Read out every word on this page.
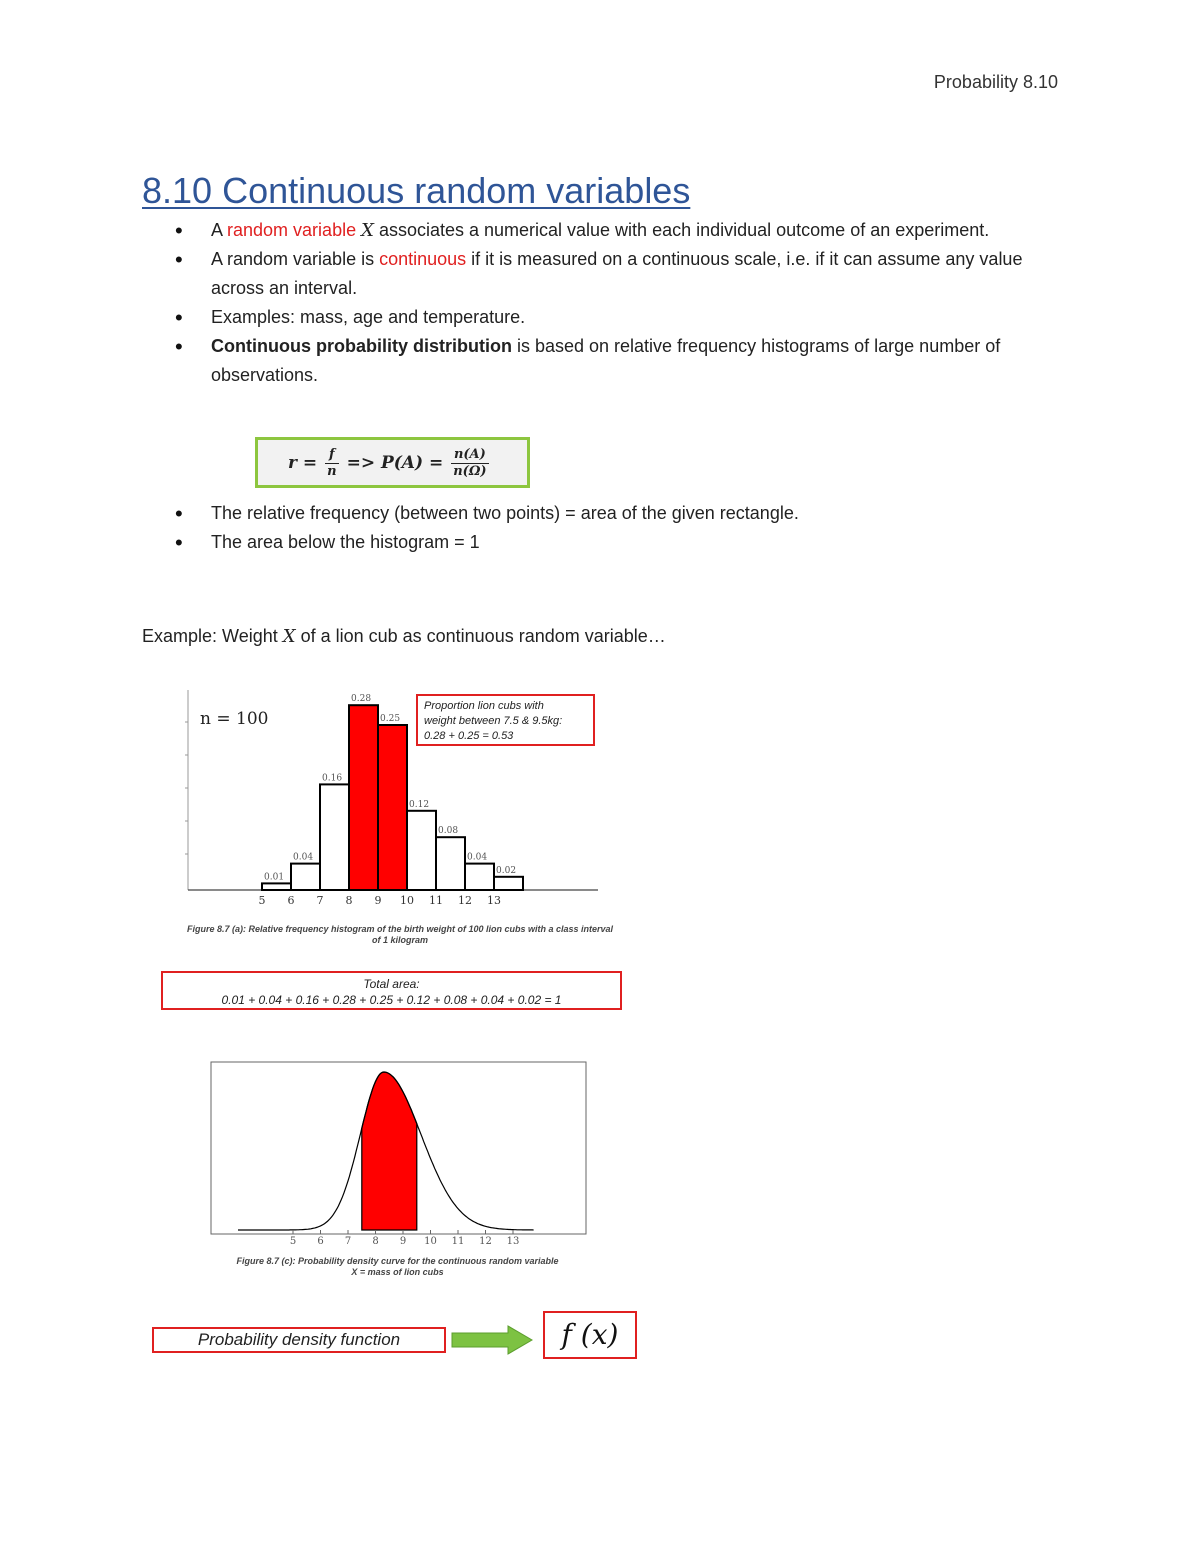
Probability 8.10
8.10 Continuous random variables

• A random variable X associates a numerical value with each individual outcome of an experiment.

• A random variable is continuous if it is measured on a continuous scale, i.e. if it can assume any value across an interval.

• Examples: mass, age and temperature.

• Continuous probability distribution is based on relative frequency histograms of large number of observations.

$r = \frac{f}{n} => P(A) = \frac{n(A)}{n(\Omega)}$

• The relative frequency (between two points) = area of the given rectangle.

• The area below the histogram = 1

Example: Weight X of a lion cub as continuous random variable…
n = 100
0.01
5
0.04
6
0.16
7
0.28
8
0.25
9
0.12
10
0.08
11
0.04
12
0.02
13
Proportion lion cubs with
weight between 7.5 & 9.5kg:
0.28 + 0.25 = 0.53
Figure 8.7 (a): Relative frequency histogram of the birth weight of 100 lion cubs with a class interval
of 1 kilogram
Total area:
0.01 + 0.04 + 0.16 + 0.28 + 0.25 + 0.12 + 0.08 + 0.04 + 0.02 = 1
5 6 7 8 9 10 11 12 13
Figure 8.7 (c): Probability density curve for the continuous random variable
X = mass of lion cubs
Probability density function	f (x)
